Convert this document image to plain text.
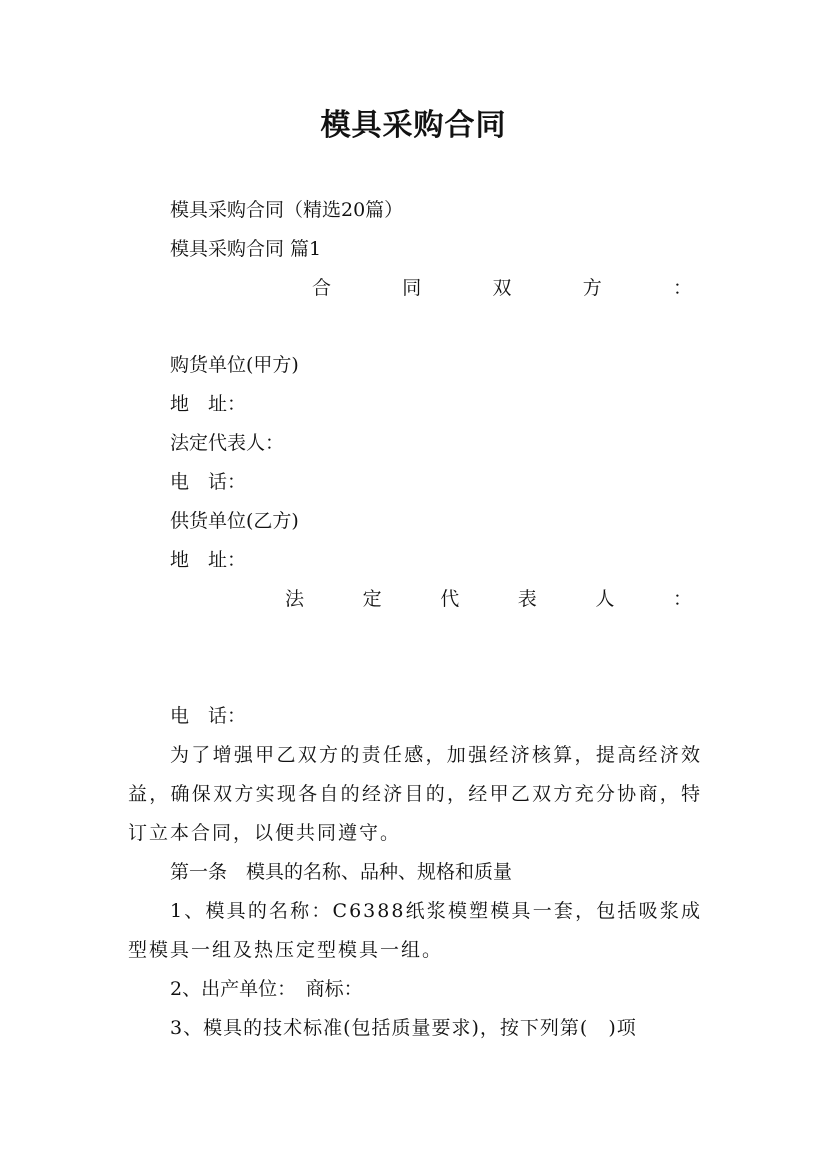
模具采购合同
模具采购合同（精选20篇）
模具采购合同 篇1
合	同	双	方	：
购货单位(甲方)
地　址：
法定代表人：
电　话：
供货单位(乙方)
地　址：
法	定	代	表	人	：
电　话：
为了增强甲乙双方的责任感，加强经济核算，提高经济效益，确保双方实现各自的经济目的，经甲乙双方充分协商，特订立本合同，以便共同遵守。
第一条　模具的名称、品种、规格和质量
1、模具的名称：C6388纸浆模塑模具一套，包括吸浆成型模具一组及热压定型模具一组。
2、出产单位：　商标：
3、模具的技术标准(包括质量要求)，按下列第(　)项
